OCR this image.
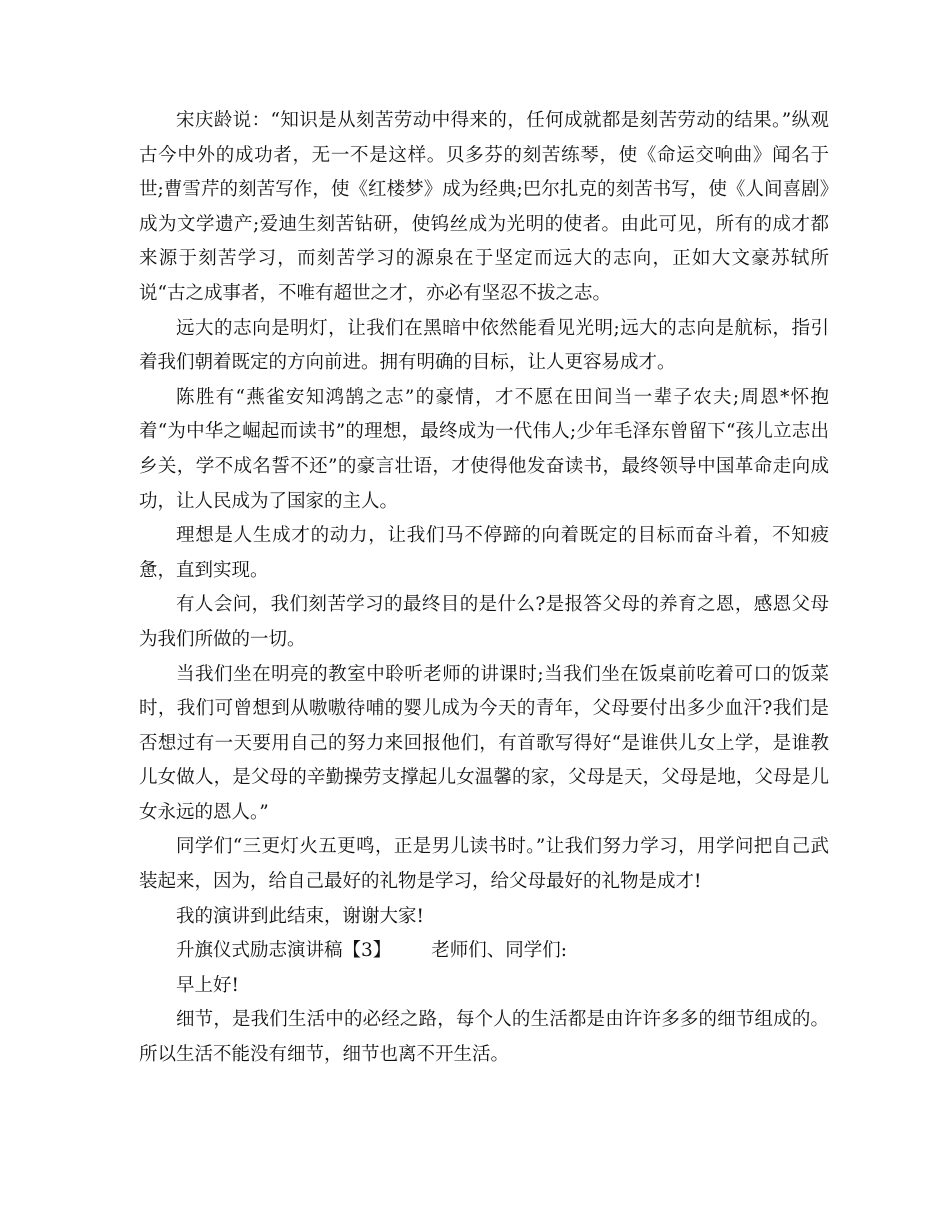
宋庆龄说：“知识是从刻苦劳动中得来的，任何成就都是刻苦劳动的结果。”纵观古今中外的成功者，无一不是这样。贝多芬的刻苦练琴，使《命运交响曲》闻名于世;曹雪芹的刻苦写作，使《红楼梦》成为经典;巴尔扎克的刻苦书写，使《人间喜剧》成为文学遗产;爱迪生刻苦钻研，使钨丝成为光明的使者。由此可见，所有的成才都来源于刻苦学习，而刻苦学习的源泉在于坚定而远大的志向，正如大文豪苏轼所说“古之成事者，不唯有超世之才，亦必有坚忍不拔之志。

远大的志向是明灯，让我们在黑暗中依然能看见光明;远大的志向是航标，指引着我们朝着既定的方向前进。拥有明确的目标，让人更容易成才。

陈胜有“燕雀安知鸿鹄之志”的豪情，才不愿在田间当一辈子农夫;周恩*怀抱着“为中华之崛起而读书”的理想，最终成为一代伟人;少年毛泽东曾留下“孩儿立志出乡关，学不成名誓不还”的豪言壮语，才使得他发奋读书，最终领导中国革命走向成功，让人民成为了国家的主人。

理想是人生成才的动力，让我们马不停蹄的向着既定的目标而奋斗着，不知疲惫，直到实现。

有人会问，我们刻苦学习的最终目的是什么?是报答父母的养育之恩，感恩父母为我们所做的一切。

当我们坐在明亮的教室中聆听老师的讲课时;当我们坐在饭桌前吃着可口的饭菜时，我们可曾想到从嗷嗷待哺的婴儿成为今天的青年，父母要付出多少血汗?我们是否想过有一天要用自己的努力来回报他们，有首歌写得好“是谁供儿女上学，是谁教儿女做人，是父母的辛勤操劳支撑起儿女温馨的家，父母是天，父母是地，父母是儿女永远的恩人。”

同学们“三更灯火五更鸣，正是男儿读书时。”让我们努力学习，用学问把自己武装起来，因为，给自己最好的礼物是学习，给父母最好的礼物是成才!

我的演讲到此结束，谢谢大家!

升旗仪式励志演讲稿【3】 老师们、同学们:

早上好!

细节，是我们生活中的必经之路，每个人的生活都是由许许多多的细节组成的。所以生活不能没有细节，细节也离不开生活。
